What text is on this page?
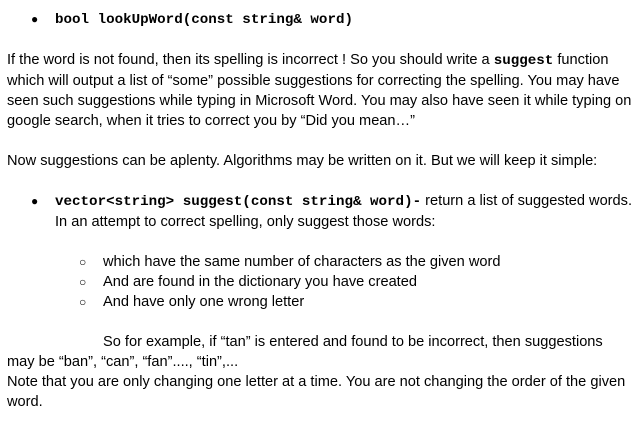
● bool lookUpWord(const string& word)

If the word is not found, then its spelling is incorrect ! So you should write a suggest function which will output a list of “some” possible suggestions for correcting the spelling. You may have seen such suggestions while typing in Microsoft Word. You may also have seen it while typing on google search, when it tries to correct you by “Did you mean…”

Now suggestions can be aplenty. Algorithms may be written on it. But we will keep it simple:

● vector<string> suggest(const string& word)- return a list of suggested words. In an attempt to correct spelling, only suggest those words:
○ which have the same number of characters as the given word
○ And are found in the dictionary you have created
○ And have only one wrong letter

So for example, if “tan” is entered and found to be incorrect, then suggestions may be “ban”, “can”, “fan”...., “tin”,...

Note that you are only changing one letter at a time. You are not changing the order of the given word.
